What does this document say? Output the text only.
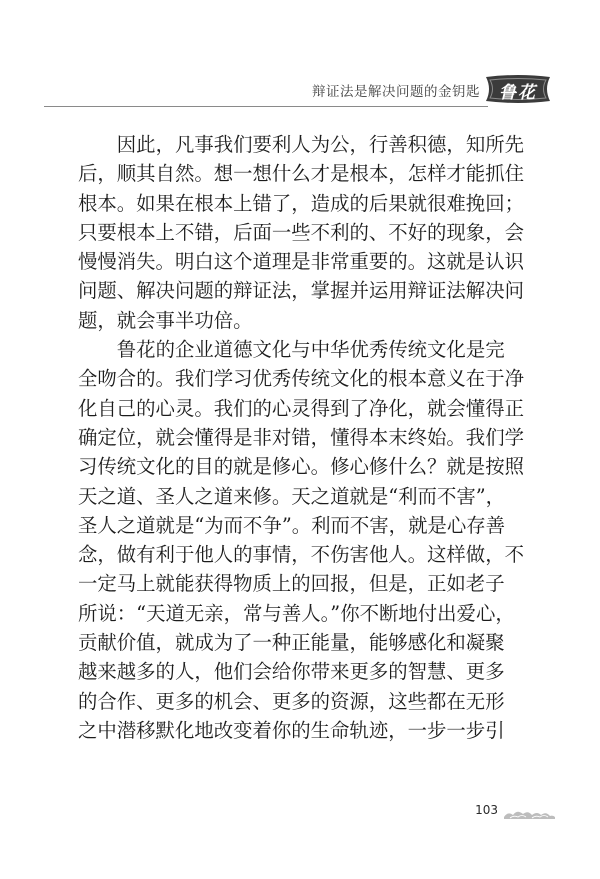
辩证法是解决问题的金钥匙	鲁花
因此，凡事我们要利人为公，行善积德，知所先
后，顺其自然。想一想什么才是根本，怎样才能抓住
根本。如果在根本上错了，造成的后果就很难挽回；
只要根本上不错，后面一些不利的、不好的现象，会
慢慢消失。明白这个道理是非常重要的。这就是认识
问题、解决问题的辩证法，掌握并运用辩证法解决问
题，就会事半功倍。
鲁花的企业道德文化与中华优秀传统文化是完
全吻合的。我们学习优秀传统文化的根本意义在于净
化自己的心灵。我们的心灵得到了净化，就会懂得正
确定位，就会懂得是非对错，懂得本末终始。我们学
习传统文化的目的就是修心。修心修什么？就是按照
天之道、圣人之道来修。天之道就是“利而不害”，
圣人之道就是“为而不争”。利而不害，就是心存善
念，做有利于他人的事情，不伤害他人。这样做，不
一定马上就能获得物质上的回报，但是，正如老子
所说：“天道无亲，常与善人。”你不断地付出爱心，
贡献价值，就成为了一种正能量，能够感化和凝聚
越来越多的人，他们会给你带来更多的智慧、更多
的合作、更多的机会、更多的资源，这些都在无形
之中潜移默化地改变着你的生命轨迹，一步一步引
103
